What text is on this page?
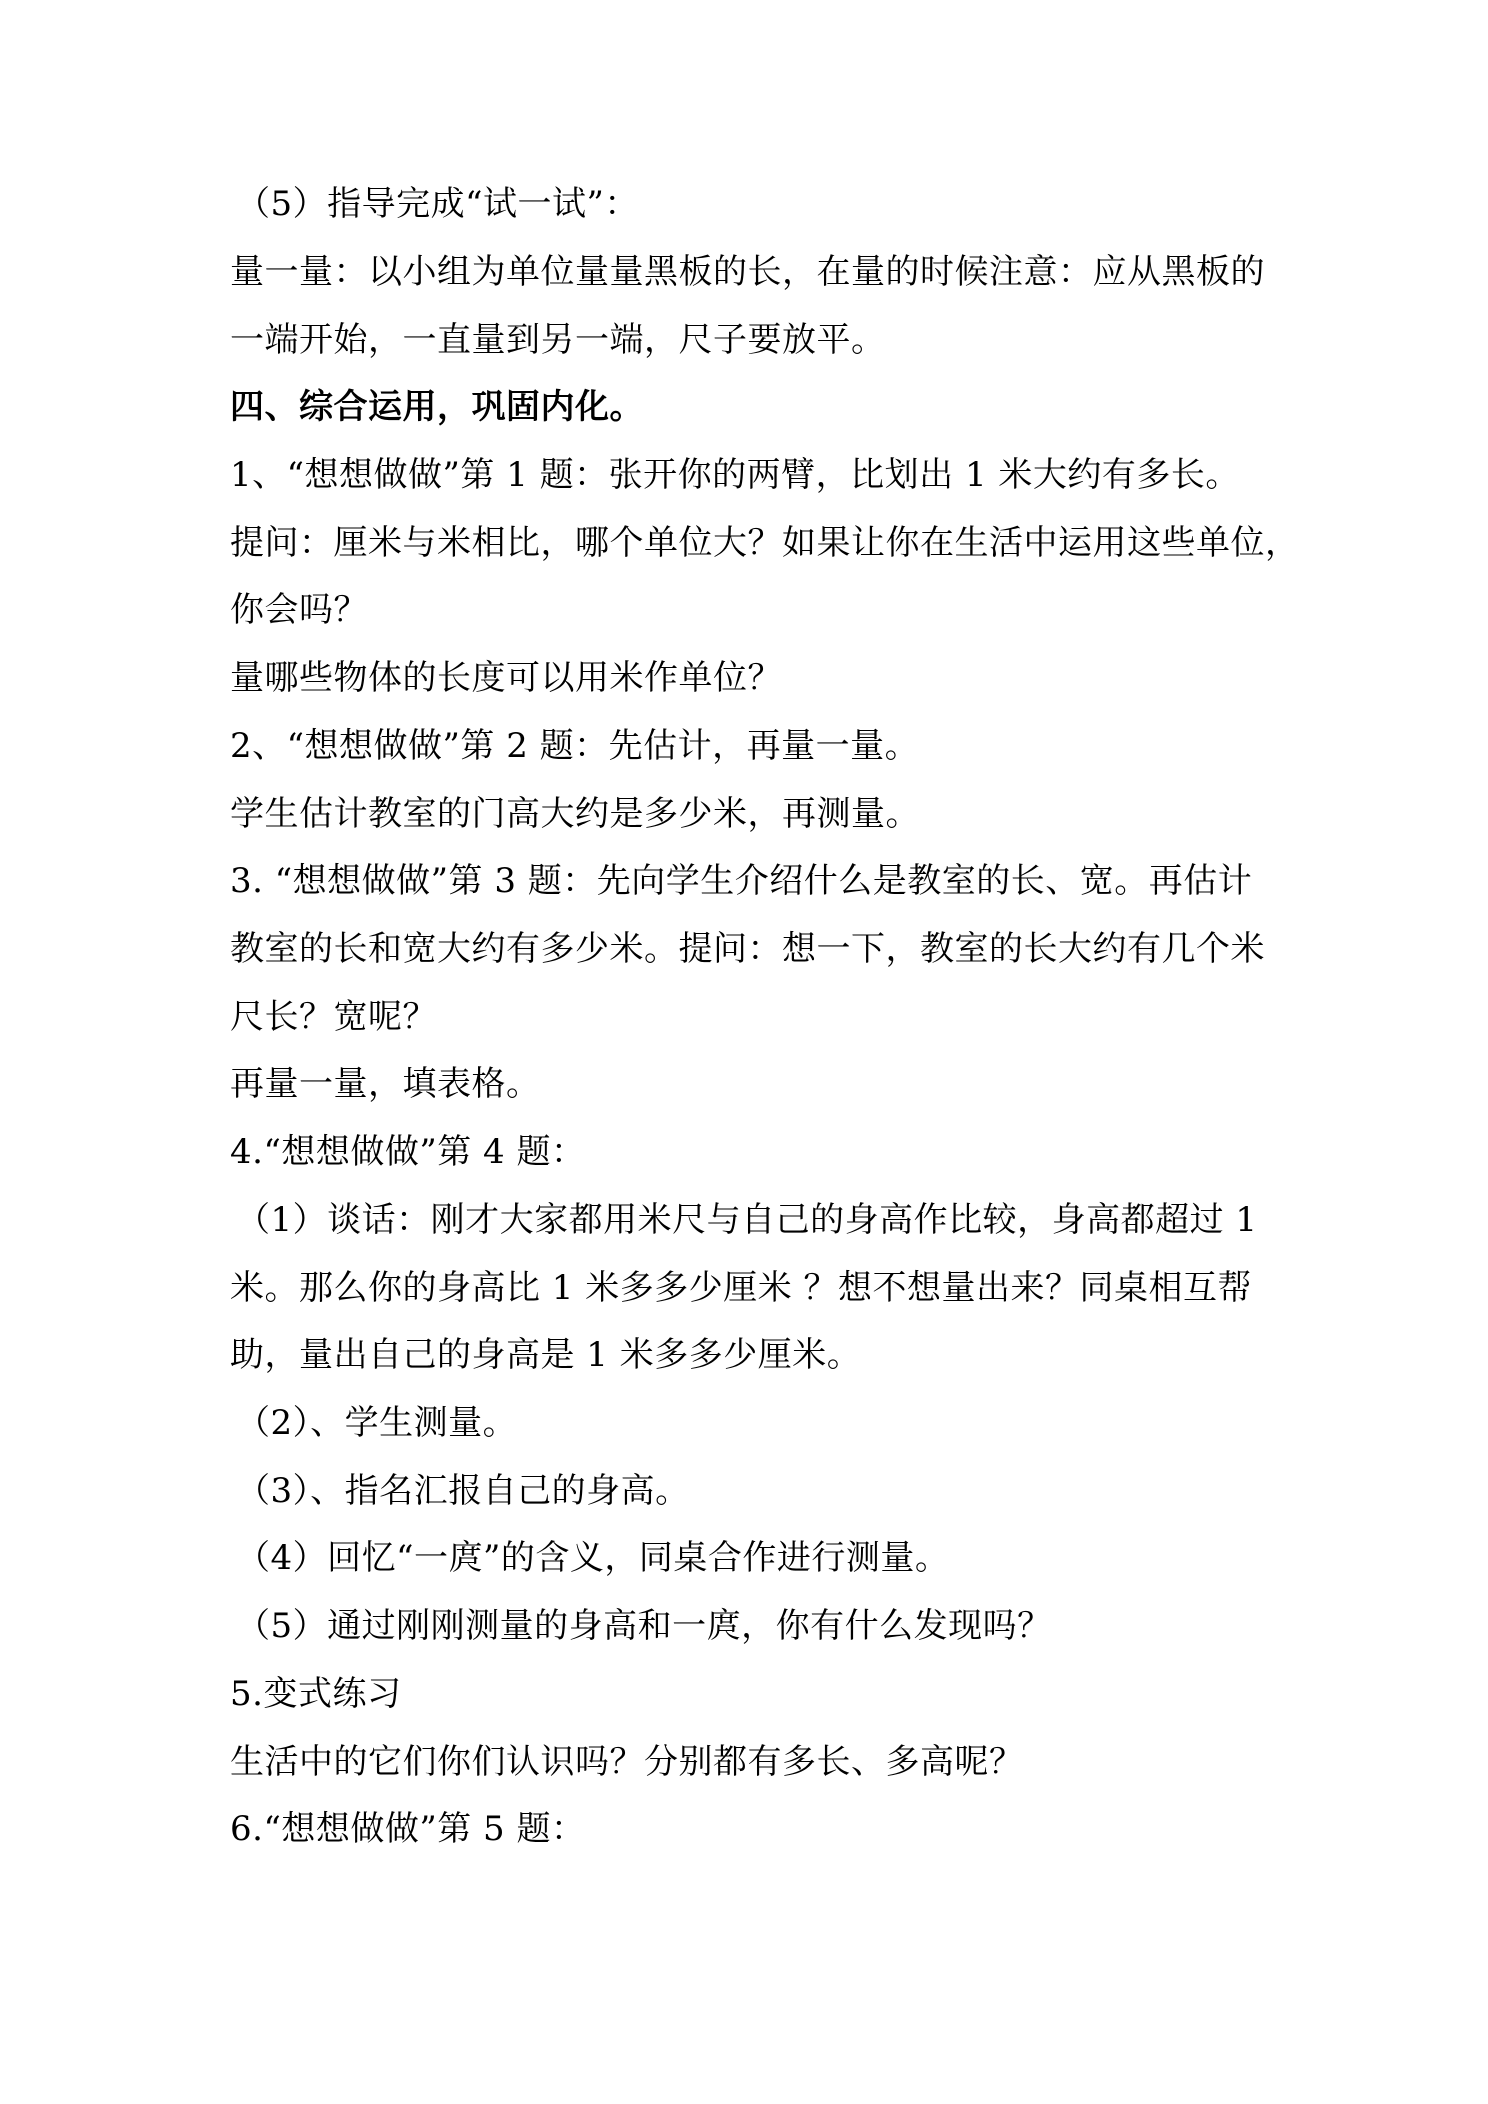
（5）指导完成“试一试”：
量一量：以小组为单位量量黑板的长，在量的时候注意：应从黑板的
一端开始，一直量到另一端，尺子要放平。
四、综合运用，巩固内化。
1、“想想做做”第 1 题：张开你的两臂，比划出 1 米大约有多长。
提问：厘米与米相比，哪个单位大？如果让你在生活中运用这些单位，
你会吗？
量哪些物体的长度可以用米作单位？
2、“想想做做”第 2 题：先估计，再量一量。
学生估计教室的门高大约是多少米，再测量。
3. “想想做做”第 3 题：先向学生介绍什么是教室的长、宽。再估计
教室的长和宽大约有多少米。提问：想一下，教室的长大约有几个米
尺长？宽呢？
再量一量，填表格。
4.“想想做做”第 4 题：
（1）谈话：刚才大家都用米尺与自己的身高作比较，身高都超过 1
米。那么你的身高比 1 米多多少厘米 ？想不想量出来？同桌相互帮
助，量出自己的身高是 1 米多多少厘米。
（2）、学生测量。
（3）、指名汇报自己的身高。
（4）回忆“一庹”的含义，同桌合作进行测量。
（5）通过刚刚测量的身高和一庹，你有什么发现吗？
5.变式练习
生活中的它们你们认识吗？分别都有多长、多高呢？
6.“想想做做”第 5 题：
